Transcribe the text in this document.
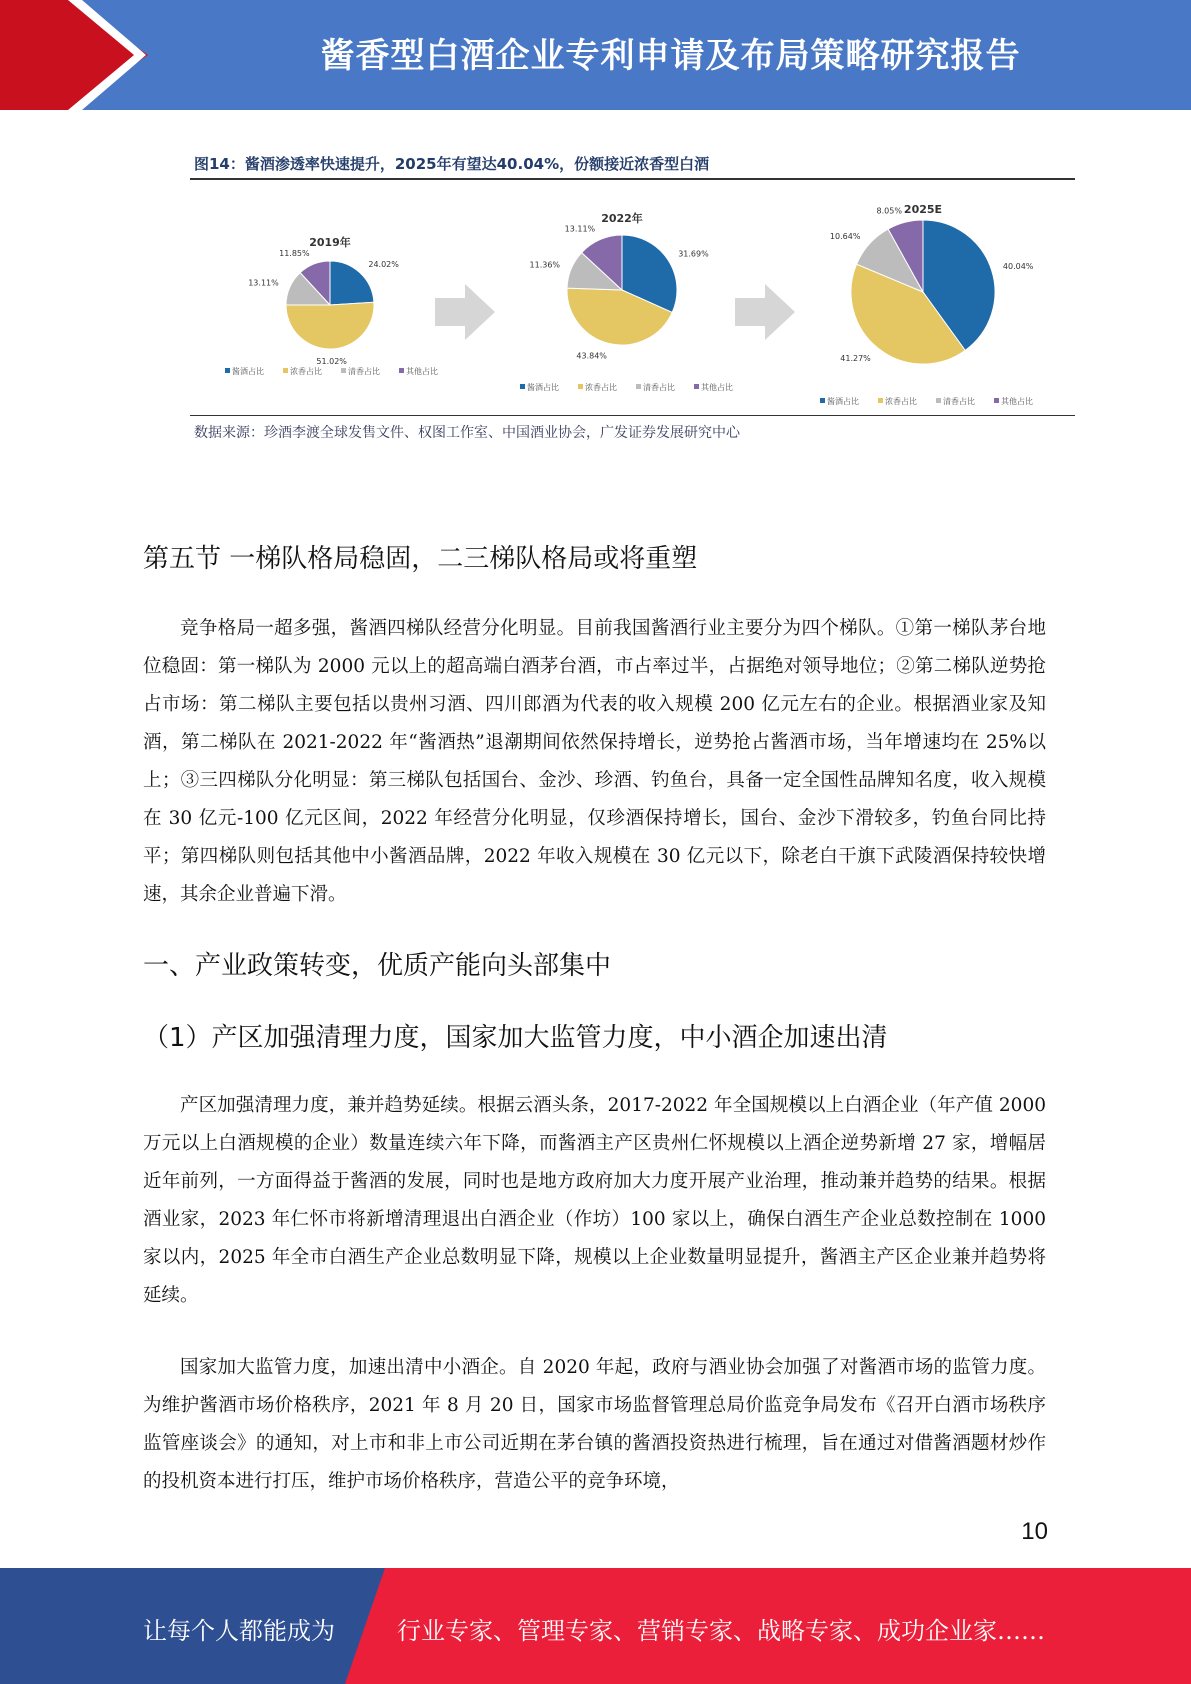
酱香型白酒企业专利申请及布局策略研究报告
图14：酱酒渗透率快速提升，2025年有望达40.04%，份额接近浓香型白酒
2019年
24.02%
51.02%
13.11%
11.85%
酱酒占比	浓香占比	清香占比	其他占比
2022年
31.69%
43.84%
11.36%
13.11%
酱酒占比	浓香占比	清香占比	其他占比
2025E
40.04%
41.27%
10.64%
8.05%
酱酒占比	浓香占比	清香占比	其他占比
数据来源：珍酒李渡全球发售文件、权图工作室、中国酒业协会，广发证券发展研究中心
第五节 一梯队格局稳固，二三梯队格局或将重塑
竞争格局一超多强，酱酒四梯队经营分化明显。目前我国酱酒行业主要分为四个梯队。①第一梯队茅台地位稳固：第一梯队为 2000 元以上的超高端白酒茅台酒，市占率过半，占据绝对领导地位；②第二梯队逆势抢占市场：第二梯队主要包括以贵州习酒、四川郎酒为代表的收入规模 200 亿元左右的企业。根据酒业家及知酒，第二梯队在 2021-2022 年“酱酒热”退潮期间依然保持增长，逆势抢占酱酒市场，当年增速均在 25%以上；③三四梯队分化明显：第三梯队包括国台、金沙、珍酒、钓鱼台，具备一定全国性品牌知名度，收入规模在 30 亿元-100 亿元区间，2022 年经营分化明显，仅珍酒保持增长，国台、金沙下滑较多，钓鱼台同比持平；第四梯队则包括其他中小酱酒品牌，2022 年收入规模在 30 亿元以下，除老白干旗下武陵酒保持较快增速，其余企业普遍下滑。
一、产业政策转变，优质产能向头部集中
（1）产区加强清理力度，国家加大监管力度，中小酒企加速出清
产区加强清理力度，兼并趋势延续。根据云酒头条，2017-2022 年全国规模以上白酒企业（年产值 2000 万元以上白酒规模的企业）数量连续六年下降，而酱酒主产区贵州仁怀规模以上酒企逆势新增 27 家，增幅居近年前列，一方面得益于酱酒的发展，同时也是地方政府加大力度开展产业治理，推动兼并趋势的结果。根据酒业家，2023 年仁怀市将新增清理退出白酒企业（作坊）100 家以上，确保白酒生产企业总数控制在 1000 家以内，2025 年全市白酒生产企业总数明显下降，规模以上企业数量明显提升，酱酒主产区企业兼并趋势将延续。
国家加大监管力度，加速出清中小酒企。自 2020 年起，政府与酒业协会加强了对酱酒市场的监管力度。为维护酱酒市场价格秩序，2021 年 8 月 20 日，国家市场监督管理总局价监竞争局发布《召开白酒市场秩序监管座谈会》的通知，对上市和非上市公司近期在茅台镇的酱酒投资热进行梳理，旨在通过对借酱酒题材炒作的投机资本进行打压，维护市场价格秩序，营造公平的竞争环境，
10
让每个人都能成为	行业专家、管理专家、营销专家、战略专家、成功企业家……
